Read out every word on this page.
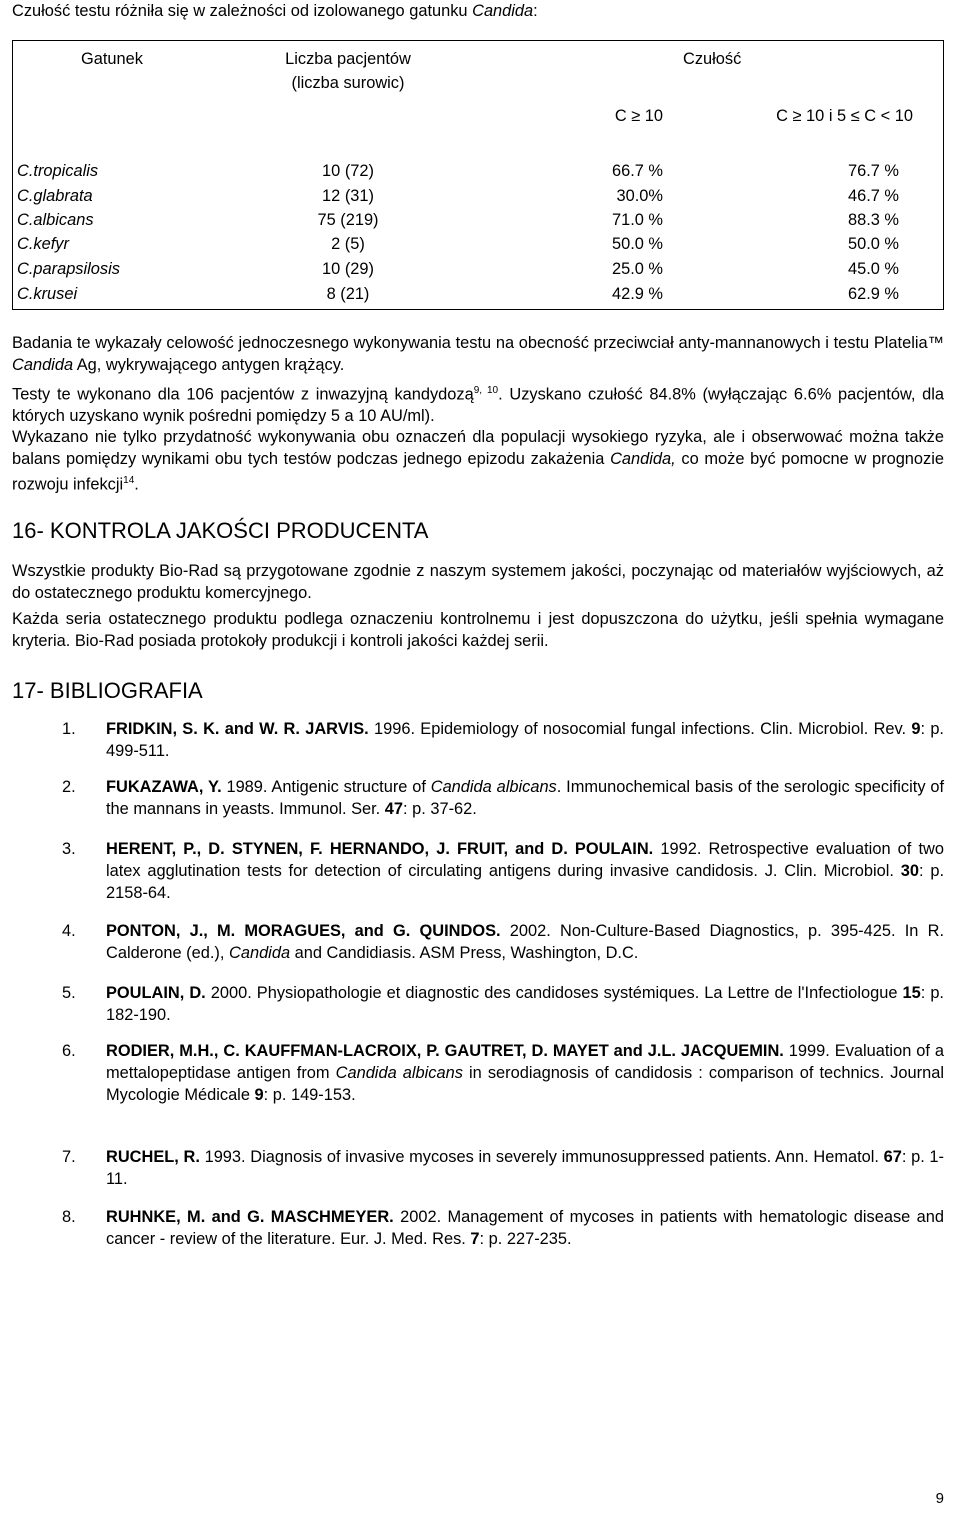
Czułość testu różniła się w zależności od izolowanego gatunku Candida:
Gatunek	Liczba pacjentów
(liczba surowic)
Czułość
C ≥ 10	C ≥ 10 i 5 ≤ C < 10
C.tropicalis	10 (72)	66.7 %	76.7 %
C.glabrata	12 (31)	30.0%	46.7 %
C.albicans	75 (219)	71.0 %	88.3 %
C.kefyr	2 (5)	50.0 %	50.0 %
C.parapsilosis	10 (29)	25.0 %	45.0 %
C.krusei	8 (21)	42.9 %	62.9 %

Badania te wykazały celowość jednoczesnego wykonywania testu na obecność przeciwciał anty-mannanowych i testu Platelia™ Candida Ag, wykrywającego antygen krążący.

Testy te wykonano dla 106 pacjentów z inwazyjną kandydozą$^{9, 10}$. Uzyskano czułość 84.8% (wyłączając 6.6% pacjentów, dla których uzyskano wynik pośredni pomiędzy 5 a 10 AU/ml).

Wykazano nie tylko przydatność wykonywania obu oznaczeń dla populacji wysokiego ryzyka, ale i obserwować można także balans pomiędzy wynikami obu tych testów podczas jednego epizodu zakażenia Candida, co może być pomocne w prognozie rozwoju infekcji$^{14}$.

16- KONTROLA JAKOŚCI PRODUCENTA
Wszystkie produkty Bio-Rad są przygotowane zgodnie z naszym systemem jakości, poczynając od materiałów wyjściowych, aż do ostatecznego produktu komercyjnego.
Każda seria ostatecznego produktu podlega oznaczeniu kontrolnemu i jest dopuszczona do użytku, jeśli spełnia wymagane kryteria. Bio-Rad posiada protokoły produkcji i kontroli jakości każdej serii.
17- BIBLIOGRAFIA
1. FRIDKIN, S. K. and W. R. JARVIS. 1996. Epidemiology of nosocomial fungal infections. Clin. Microbiol. Rev. 9: p. 499-511.
2. FUKAZAWA, Y. 1989. Antigenic structure of Candida albicans. Immunochemical basis of the serologic specificity of the mannans in yeasts. Immunol. Ser. 47: p. 37-62.
3. HERENT, P., D. STYNEN, F. HERNANDO, J. FRUIT, and D. POULAIN. 1992. Retrospective evaluation of two latex agglutination tests for detection of circulating antigens during invasive candidosis. J. Clin. Microbiol. 30: p. 2158-64.
4. PONTON, J., M. MORAGUES, and G. QUINDOS. 2002. Non-Culture-Based Diagnostics, p. 395-425. In R. Calderone (ed.), Candida and Candidiasis. ASM Press, Washington, D.C.
5. POULAIN, D. 2000. Physiopathologie et diagnostic des candidoses systémiques. La Lettre de l'Infectiologue 15: p. 182-190.
6. RODIER, M.H., C. KAUFFMAN-LACROIX, P. GAUTRET, D. MAYET and J.L. JACQUEMIN. 1999. Evaluation of a mettalopeptidase antigen from Candida albicans in serodiagnosis of candidosis : comparison of technics. Journal Mycologie Médicale 9: p. 149-153.
7. RUCHEL, R. 1993. Diagnosis of invasive mycoses in severely immunosuppressed patients. Ann. Hematol. 67: p. 1-11.
8. RUHNKE, M. and G. MASCHMEYER. 2002. Management of mycoses in patients with hematologic disease and cancer - review of the literature. Eur. J. Med. Res. 7: p. 227-235.
9
